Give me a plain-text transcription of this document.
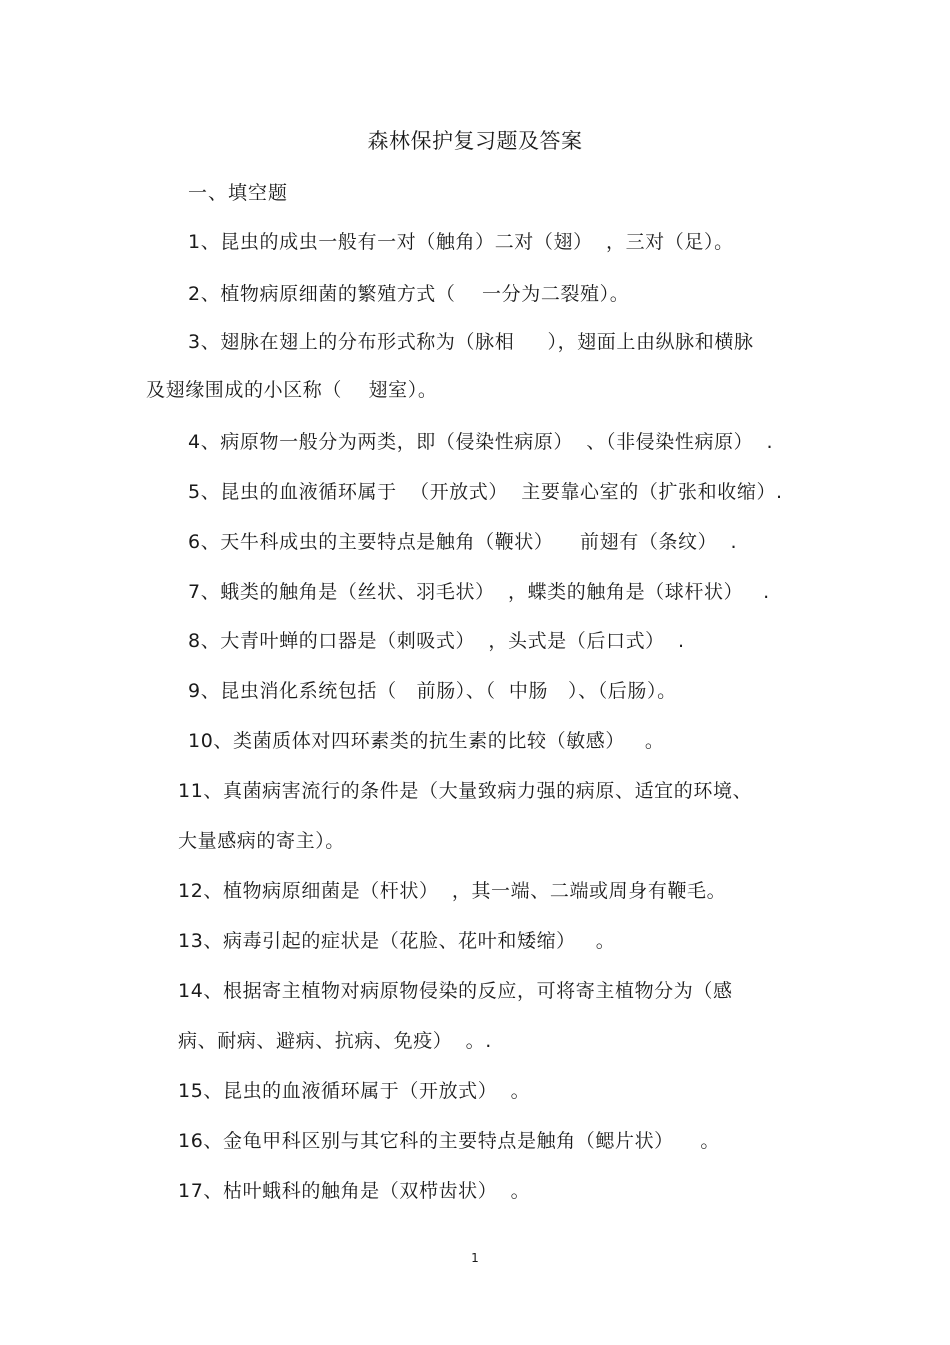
森林保护复习题及答案
一、填空题
1、昆虫的成虫一般有一对（触角）二对（翅）  ，三对（足）。
2、植物病原细菌的繁殖方式（    一分为二裂殖）。
3、翅脉在翅上的分布形式称为（脉相     ），翅面上由纵脉和横脉
及翅缘围成的小区称（    翅室）。
4、病原物一般分为两类，即（侵染性病原）  、（非侵染性病原）  .
5、昆虫的血液循环属于  （开放式）  主要靠心室的（扩张和收缩）.
6、天牛科成虫的主要特点是触角（鞭状）    前翅有（条纹）  .
7、蛾类的触角是（丝状、羽毛状）  ，蝶类的触角是（球杆状）   .
8、大青叶蝉的口器是（刺吸式）  ，头式是（后口式）  .
9、昆虫消化系统包括（   前肠）、（  中肠   ）、（后肠）。
10、类菌质体对四环素类的抗生素的比较（敏感）   。
11、真菌病害流行的条件是（大量致病力强的病原、适宜的环境、
大量感病的寄主）。
12、植物病原细菌是（杆状）  ，其一端、二端或周身有鞭毛。
13、病毒引起的症状是（花脸、花叶和矮缩）   。
14、根据寄主植物对病原物侵染的反应，可将寄主植物分为（感
病、耐病、避病、抗病、免疫）  。.
15、昆虫的血液循环属于（开放式）  。
16、金龟甲科区别与其它科的主要特点是触角（鳃片状）    。
17、枯叶蛾科的触角是（双栉齿状）  。
1
